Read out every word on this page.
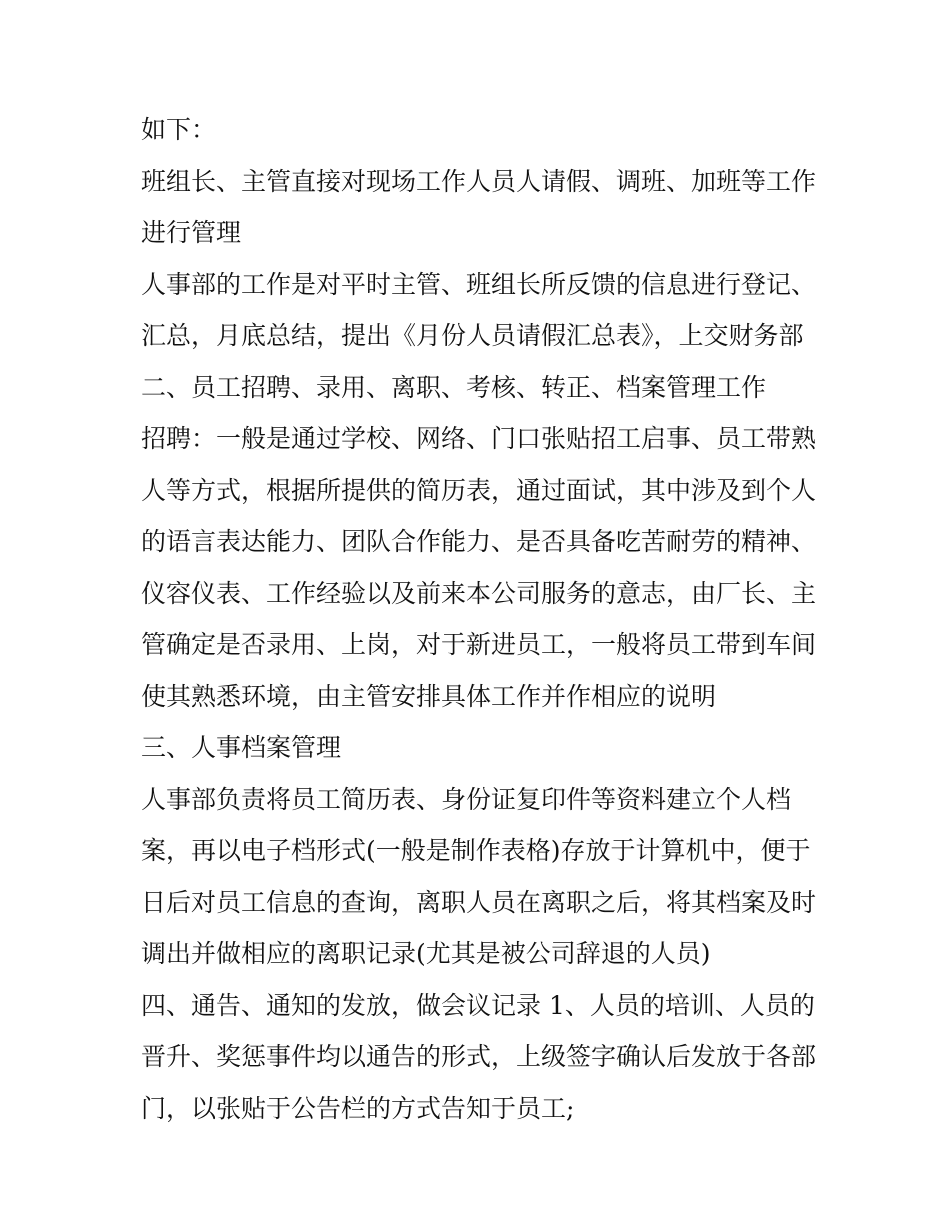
如下：

班组长、主管直接对现场工作人员人请假、调班、加班等工作

进行管理

人事部的工作是对平时主管、班组长所反馈的信息进行登记、

汇总，月底总结，提出《月份人员请假汇总表》，上交财务部

二、员工招聘、录用、离职、考核、转正、档案管理工作

招聘：一般是通过学校、网络、门口张贴招工启事、员工带熟

人等方式，根据所提供的简历表，通过面试，其中涉及到个人

的语言表达能力、团队合作能力、是否具备吃苦耐劳的精神、

仪容仪表、工作经验以及前来本公司服务的意志，由厂长、主

管确定是否录用、上岗，对于新进员工，一般将员工带到车间

使其熟悉环境，由主管安排具体工作并作相应的说明

三、人事档案管理

人事部负责将员工简历表、身份证复印件等资料建立个人档

案，再以电子档形式(一般是制作表格)存放于计算机中，便于

日后对员工信息的查询，离职人员在离职之后，将其档案及时

调出并做相应的离职记录(尤其是被公司辞退的人员)

四、通告、通知的发放，做会议记录 1、人员的培训、人员的

晋升、奖惩事件均以通告的形式，上级签字确认后发放于各部

门，以张贴于公告栏的方式告知于员工;
